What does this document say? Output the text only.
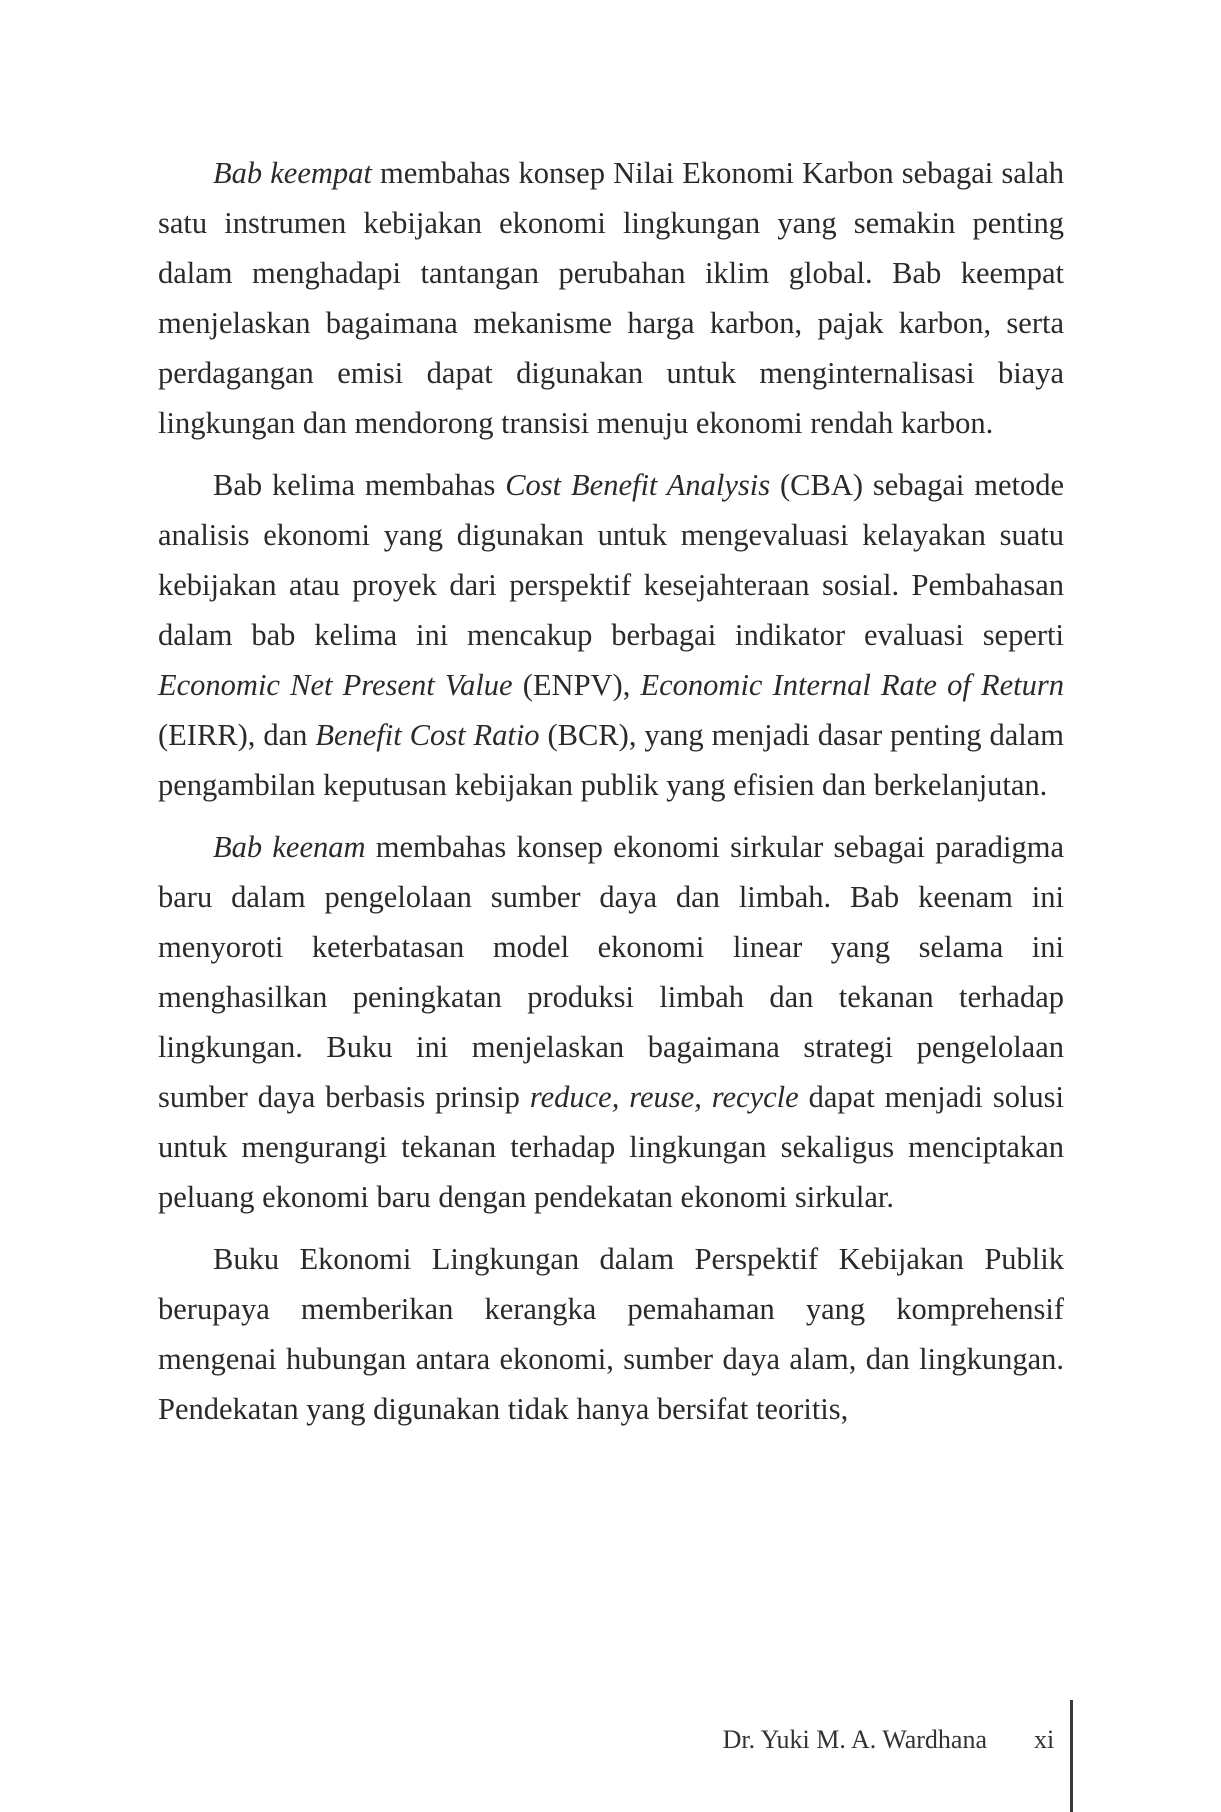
Bab keempat membahas konsep Nilai Ekonomi Karbon sebagai salah satu instrumen kebijakan ekonomi lingkungan yang semakin penting dalam menghadapi tantangan perubahan iklim global. Bab keempat menjelaskan bagaimana mekanisme harga karbon, pajak karbon, serta perdagangan emisi dapat digunakan untuk menginternalisasi biaya lingkungan dan mendorong transisi menuju ekonomi rendah karbon.

Bab kelima membahas Cost Benefit Analysis (CBA) sebagai metode analisis ekonomi yang digunakan untuk mengevaluasi kelayakan suatu kebijakan atau proyek dari perspektif kesejahteraan sosial. Pembahasan dalam bab kelima ini mencakup berbagai indikator evaluasi seperti Economic Net Present Value (ENPV), Economic Internal Rate of Return (EIRR), dan Benefit Cost Ratio (BCR), yang menjadi dasar penting dalam pengambilan keputusan kebijakan publik yang efisien dan berkelanjutan.

Bab keenam membahas konsep ekonomi sirkular sebagai paradigma baru dalam pengelolaan sumber daya dan limbah. Bab keenam ini menyoroti keterbatasan model ekonomi linear yang selama ini menghasilkan peningkatan produksi limbah dan tekanan terhadap lingkungan. Buku ini menjelaskan bagaimana strategi pengelolaan sumber daya berbasis prinsip reduce, reuse, recycle dapat menjadi solusi untuk mengurangi tekanan terhadap lingkungan sekaligus menciptakan peluang ekonomi baru dengan pendekatan ekonomi sirkular.

Buku Ekonomi Lingkungan dalam Perspektif Kebijakan Publik berupaya memberikan kerangka pemahaman yang komprehensif mengenai hubungan antara ekonomi, sumber daya alam, dan lingkungan. Pendekatan yang digunakan tidak hanya bersifat teoritis,

Dr. Yuki M. A. Wardhana xi
